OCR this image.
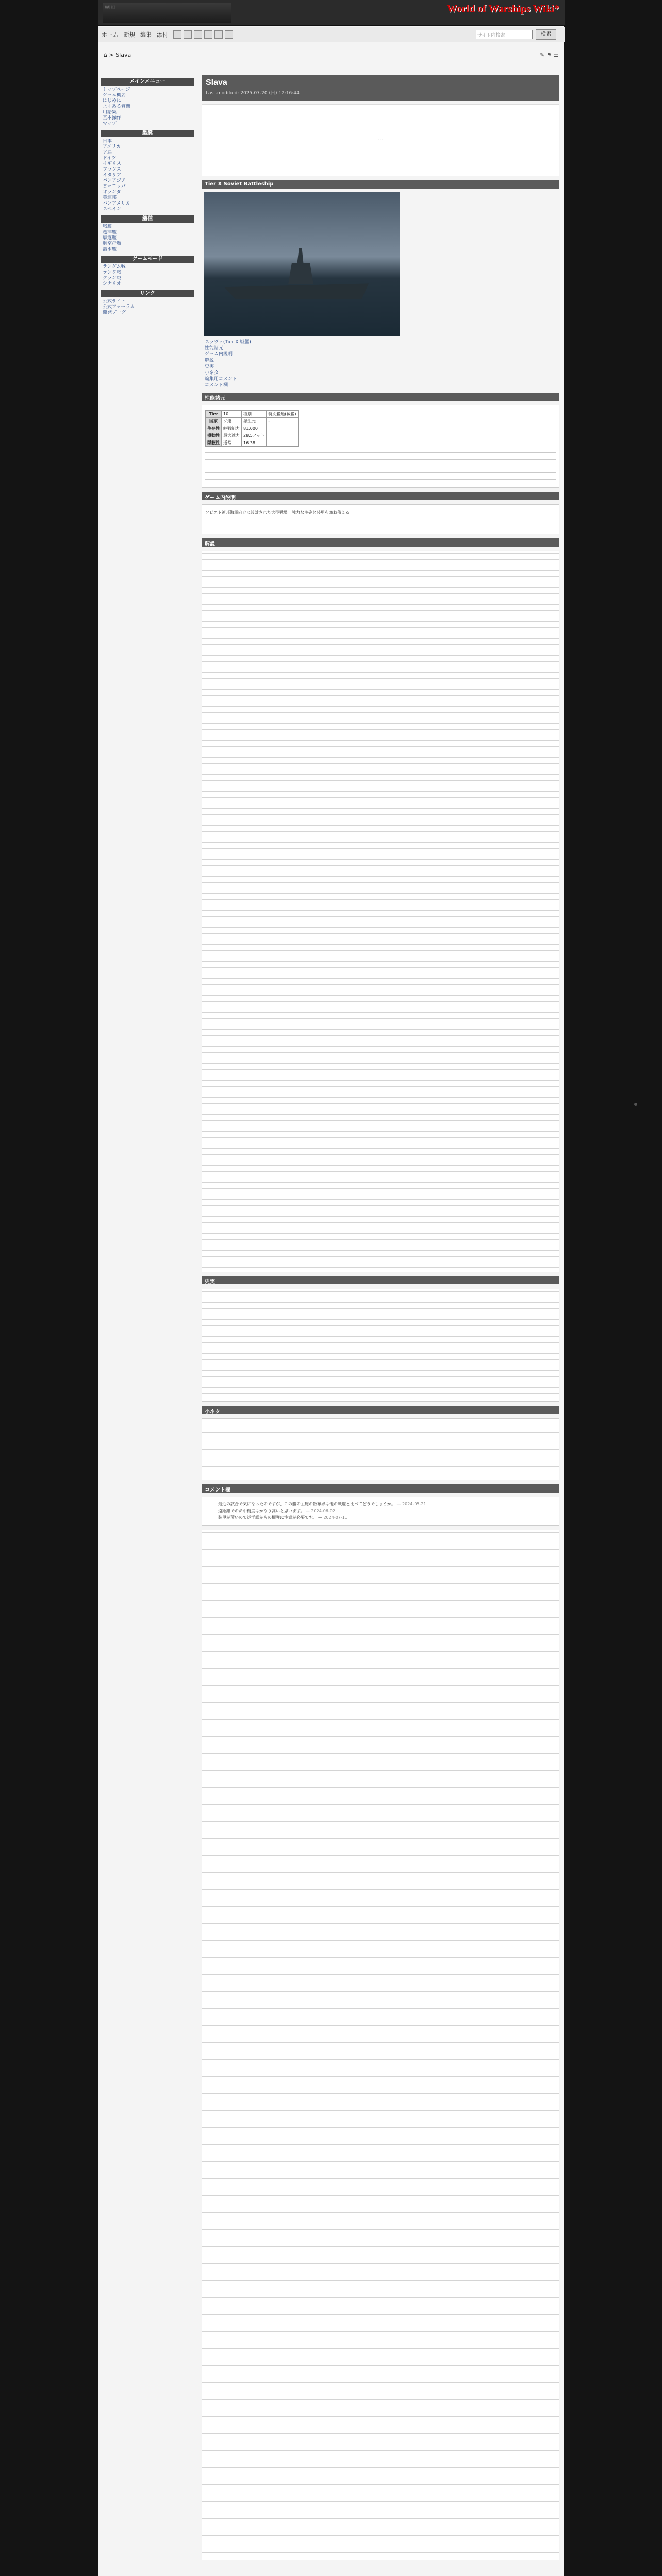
WIKI	World of Warships Wiki*
ホーム 新規 編集 添付	サイト内検索	検索
⌂ > Slava	✎ ⚑ ☰
メインメニュー
トップページ
ゲーム概要
はじめに
よくある質問
用語集
基本操作
マップ
艦艇
日本
アメリカ
ソ連
ドイツ
イギリス
フランス
イタリア
パンアジア
ヨーロッパ
オランダ
英連邦
パンアメリカ
スペイン
艦種
戦艦
巡洋艦
駆逐艦
航空母艦
潜水艦
ゲームモード
ランダム戦
ランク戦
クラン戦
シナリオ
リンク
公式サイト
公式フォーラム
開発ブログ
Slava
Last-modified: 2025-07-20 (日) 12:16:44
···
Tier X Soviet Battleship
スラヴァ(Tier X 戦艦)
性能諸元
ゲーム内説明
解説
史実
小ネタ
編集用コメント
コメント欄
性能諸元
Tier	10	種別	特別艦艇(戦艦)
国家	ソ連	派生元	-
生存性	継戦能力	81,000	
機動性	最大速力	28.5ノット	
隠蔽性	通常	16.38	
ゲーム内説明
ソビエト連邦海軍向けに設計された大型戦艦。強力な主砲と装甲を兼ね備える。
解説
史実
小ネタ
コメント欄
最近の試合で気になったのですが、この艦の主砲の散布界は他の戦艦と比べてどうでしょうか。 — 2024-05-21
遠距離での命中精度はかなり高いと思います。 — 2024-06-02
装甲が薄いので巡洋艦からの榴弾に注意が必要です。 — 2024-07-11
